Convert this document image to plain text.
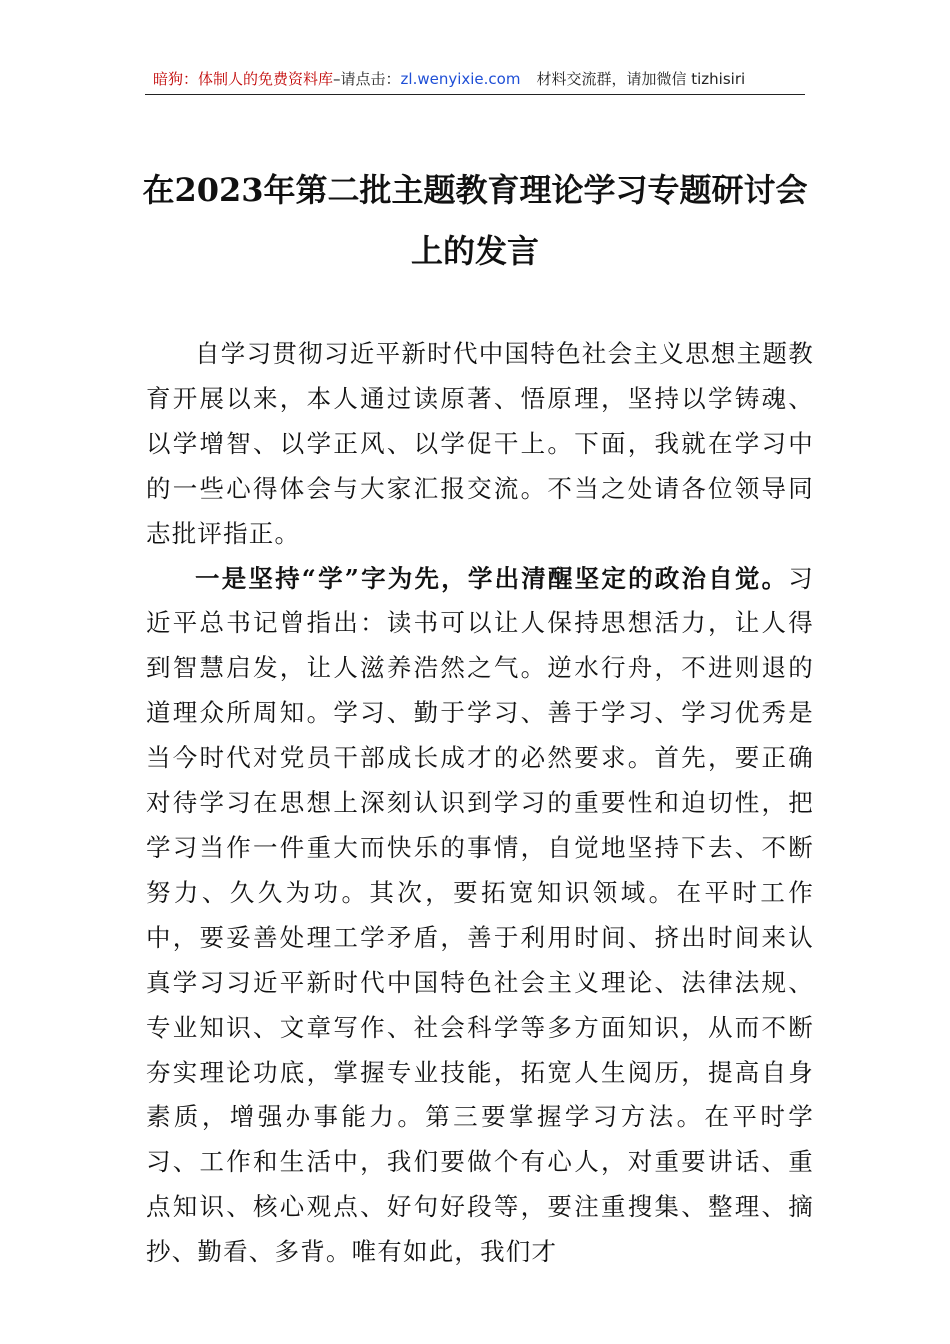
暗狗：体制人的免费资料库–请点击：zl.wenyixie.com 材料交流群，请加微信 tizhisiri
在2023年第二批主题教育理论学习专题研讨会上的发言

自学习贯彻习近平新时代中国特色社会主义思想主题教育开展以来，本人通过读原著、悟原理，坚持以学铸魂、以学增智、以学正风、以学促干上。下面，我就在学习中的一些心得体会与大家汇报交流。不当之处请各位领导同志批评指正。

一是坚持“学”字为先，学出清醒坚定的政治自觉。习近平总书记曾指出：读书可以让人保持思想活力，让人得到智慧启发，让人滋养浩然之气。逆水行舟，不进则退的道理众所周知。学习、勤于学习、善于学习、学习优秀是当今时代对党员干部成长成才的必然要求。首先，要正确对待学习在思想上深刻认识到学习的重要性和迫切性，把学习当作一件重大而快乐的事情，自觉地坚持下去、不断努力、久久为功。其次，要拓宽知识领域。在平时工作中，要妥善处理工学矛盾，善于利用时间、挤出时间来认真学习习近平新时代中国特色社会主义理论、法律法规、专业知识、文章写作、社会科学等多方面知识，从而不断夯实理论功底，掌握专业技能，拓宽人生阅历，提高自身素质，增强办事能力。第三要掌握学习方法。在平时学习、工作和生活中，我们要做个有心人，对重要讲话、重点知识、核心观点、好句好段等，要注重搜集、整理、摘抄、勤看、多背。唯有如此，我们才
